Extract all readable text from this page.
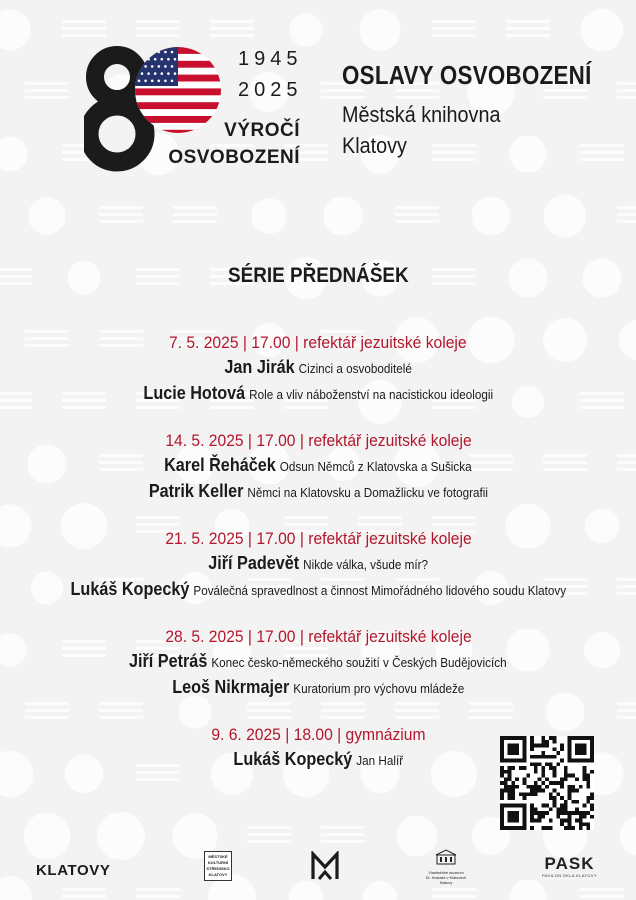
1945
2025
VÝROČÍ
OSVOBOZENÍ
OSLAVY OSVOBOZENÍ
Městská knihovna
Klatovy
SÉRIE PŘEDNÁŠEK
7. 5. 2025 | 17.00 | refektář jezuitské koleje
Jan Jirák Cizinci a osvoboditelé
Lucie Hotová Role a vliv náboženství na nacistickou ideologii
14. 5. 2025 | 17.00 | refektář jezuitské koleje
Karel Řeháček Odsun Němců z Klatovska a Sušicka
Patrik Keller Němci na Klatovsku a Domažlicku ve fotografii
21. 5. 2025 | 17.00 | refektář jezuitské koleje
Jiří Padevět Nikde válka, všude mír?
Lukáš Kopecký Poválečná spravedlnost a činnost Mimořádného lidového soudu Klatovy
28. 5. 2025 | 17.00 | refektář jezuitské koleje
Jiří Petráš Konec česko-německého soužití v Českých Budějovicích
Leoš Nikrmajer Kuratorium pro výchovu mládeže
9. 6. 2025 | 18.00 | gymnázium
Lukáš Kopecký Jan Halíř
KLATOVY
MĚSTSKÉ
KULTURNÍ
STŘEDISKO
KLATOVY	Vlastivědné muzeum
Dr. Hostaše v Klatovech
Klatovy
PASK
PAVILON SKLA KLATOVY
